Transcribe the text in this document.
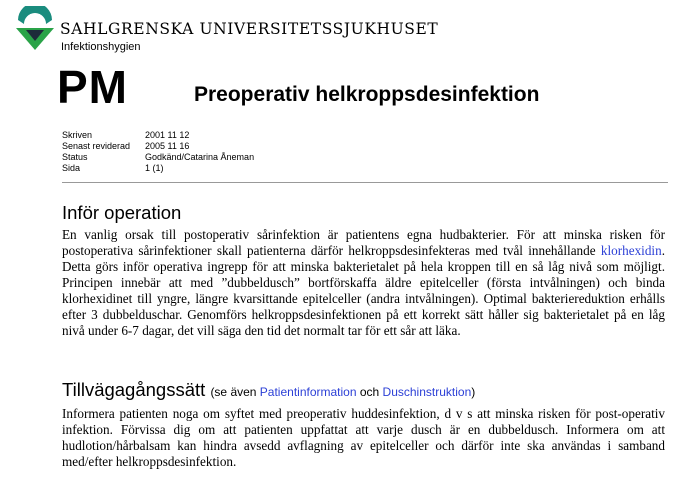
SAHLGRENSKA UNIVERSITETSSJUKHUSET
Infektionshygien
PM	Preoperativ helkroppsdesinfektion
Skriven	2001 11 12
Senast reviderad	2005 11 16
Status	Godkänd/Catarina Åneman
Sida	1 (1)
Inför operation
En vanlig orsak till postoperativ sårinfektion är patientens egna hudbakterier. För att minska risken för postoperativa sårinfektioner skall patienterna därför helkroppsdesinfekteras med tvål innehållande klorhexidin. Detta görs inför operativa ingrepp för att minska bakterietalet på hela kroppen till en så låg nivå som möjligt. Principen innebär att med ”dubbeldusch” bortförskaffa äldre epitelceller (första intvålningen) och binda klorhexidinet till yngre, längre kvarsittande epitelceller (andra intvålningen). Optimal bakteriereduktion erhålls efter 3 dubbelduschar. Genomförs helkroppsdesinfektionen på ett korrekt sätt håller sig bakterietalet på en låg nivå under 6-7 dagar, det vill säga den tid det normalt tar för ett sår att läka.
Tillvägagångssätt (se även Patientinformation och Duschinstruktion)
Informera patienten noga om syftet med preoperativ huddesinfektion, d v s att minska risken för post-operativ infektion. Förvissa dig om att patienten uppfattat att varje dusch är en dubbeldusch. Informera om att hudlotion/hårbalsam kan hindra avsedd avflagning av epitelceller och därför inte ska användas i samband med/efter helkroppsdesinfektion.
